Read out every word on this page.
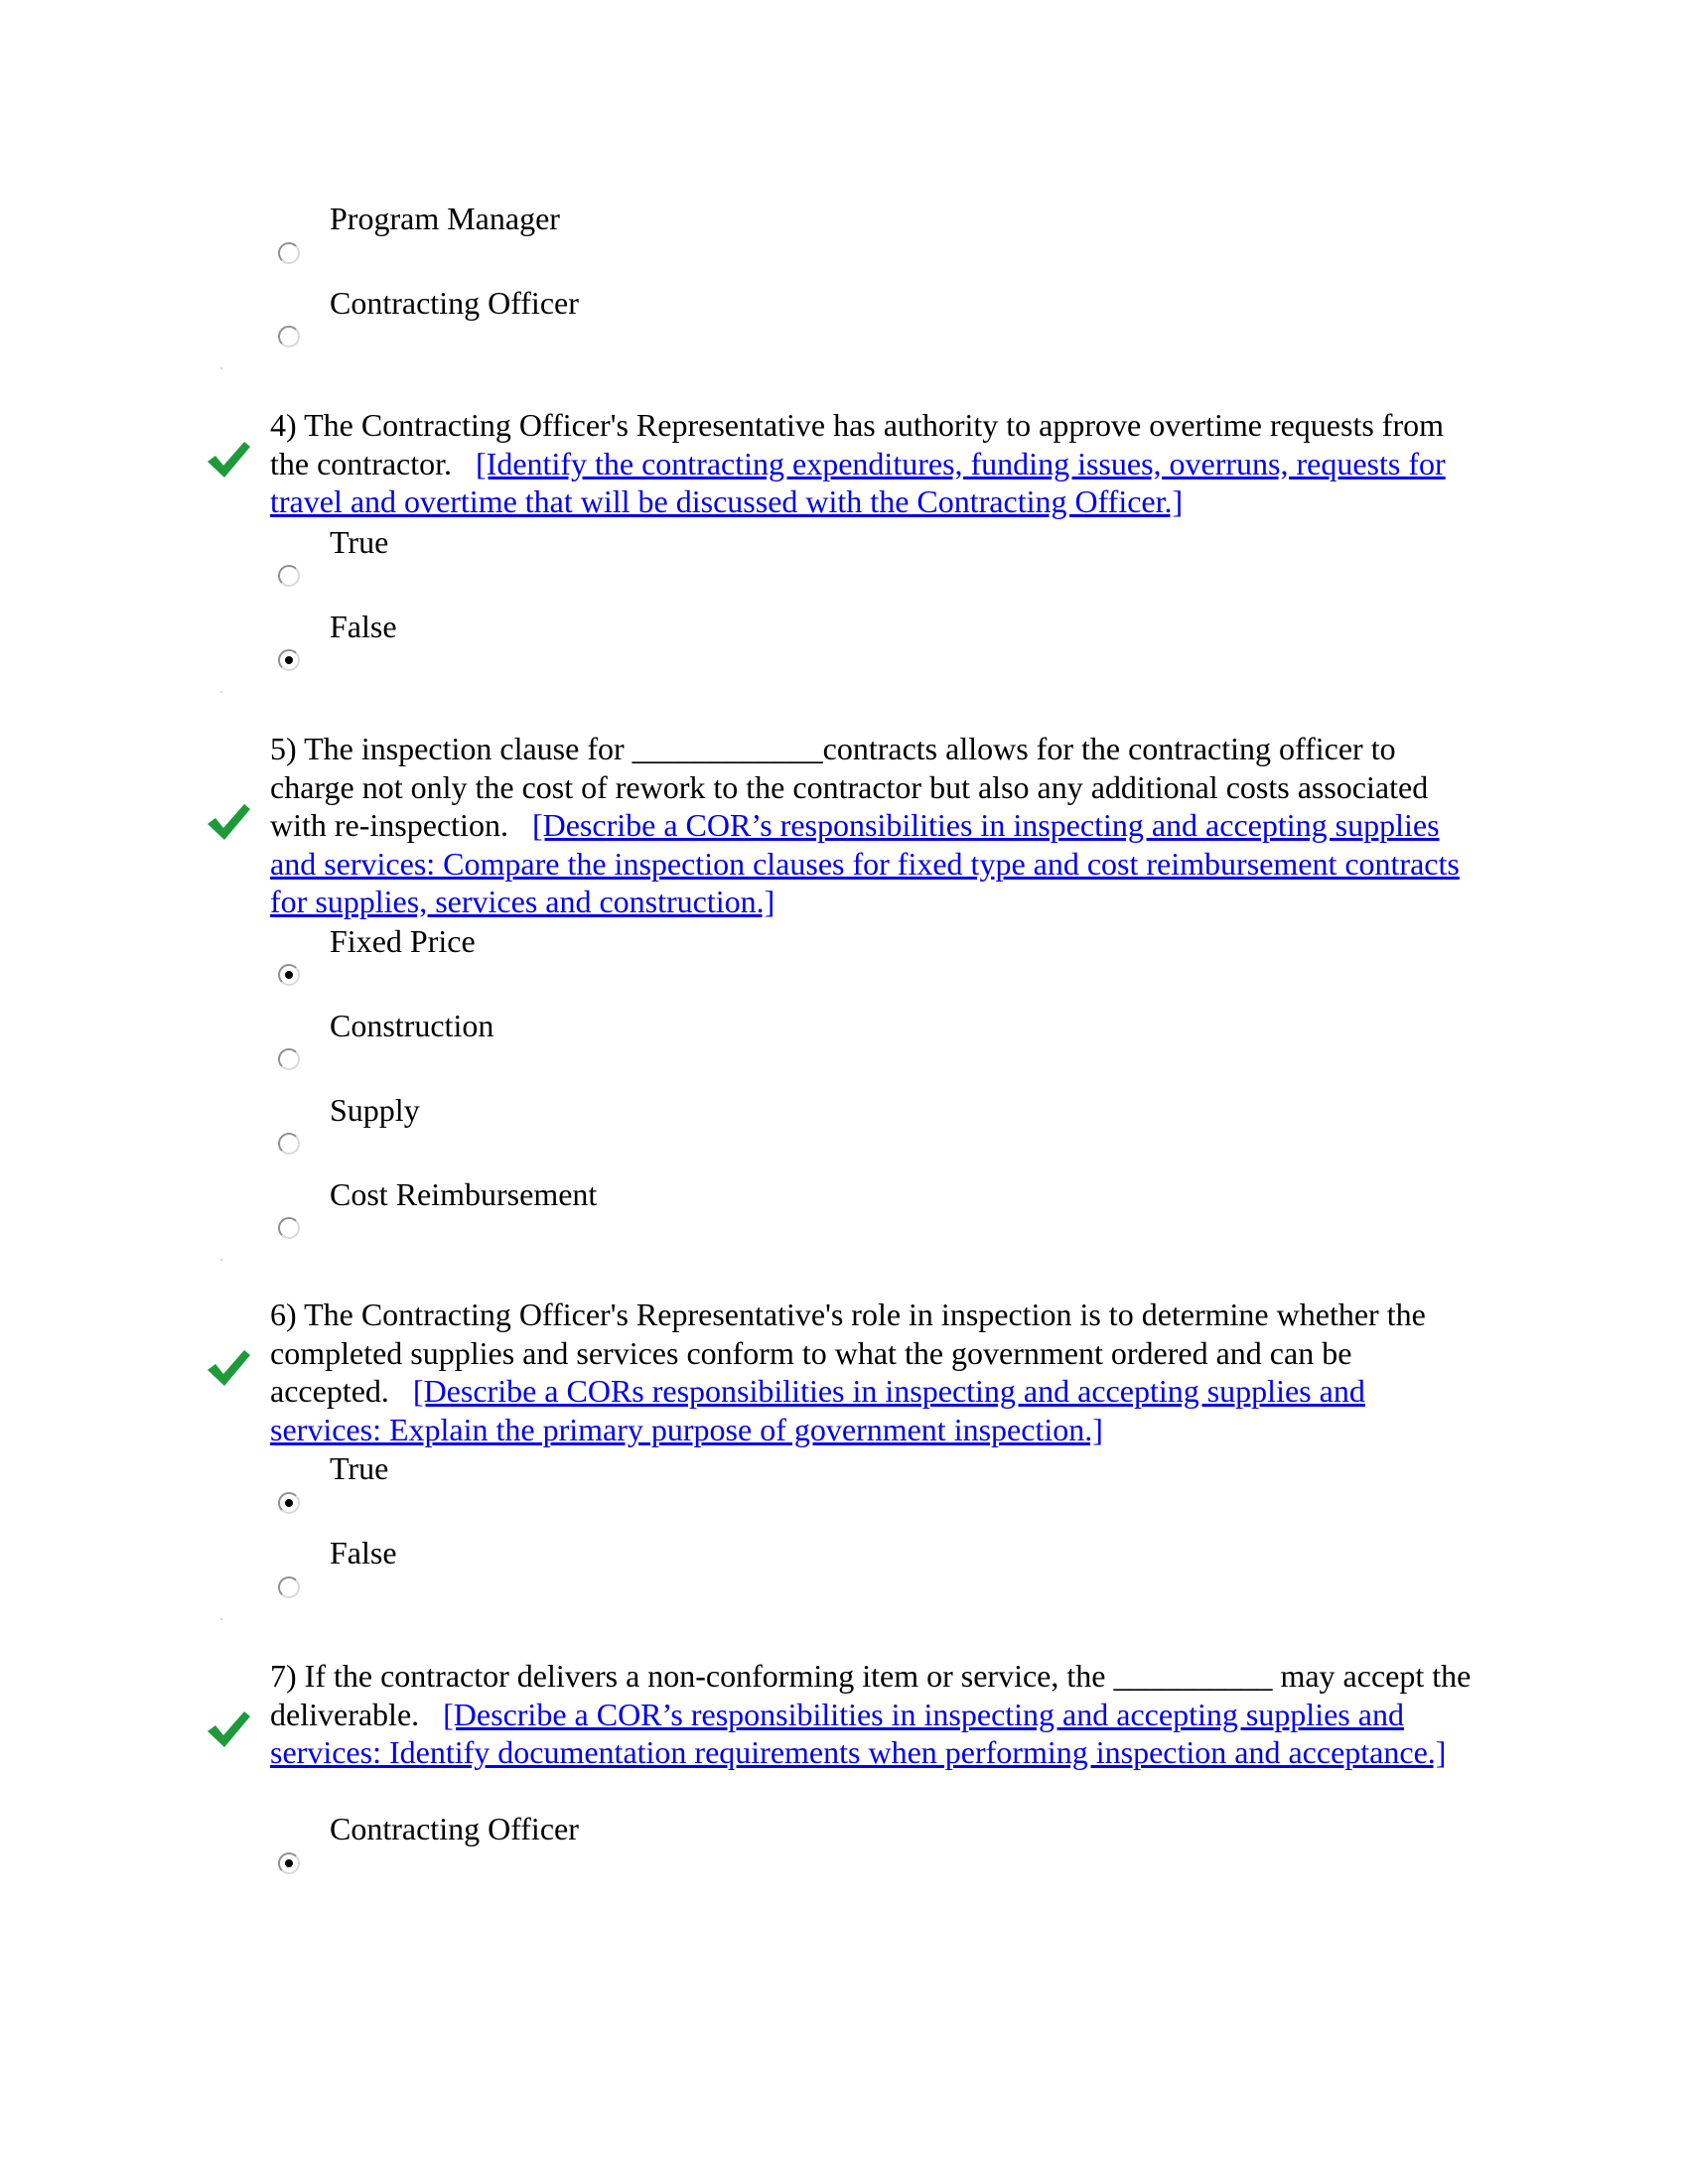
Program Manager
Contracting Officer
4) The Contracting Officer's Representative has authority to approve overtime requests from the contractor. [Identify the contracting expenditures, funding issues, overruns, requests for travel and overtime that will be discussed with the Contracting Officer.]
True
False
5) The inspection clause for ____________contracts allows for the contracting officer to charge not only the cost of rework to the contractor but also any additional costs associated with re-inspection. [Describe a COR’s responsibilities in inspecting and accepting supplies and services: Compare the inspection clauses for fixed type and cost reimbursement contracts for supplies, services and construction.]
Fixed Price
Construction
Supply
Cost Reimbursement
6) The Contracting Officer's Representative's role in inspection is to determine whether the completed supplies and services conform to what the government ordered and can be accepted. [Describe a CORs responsibilities in inspecting and accepting supplies and services: Explain the primary purpose of government inspection.]
True
False
7) If the contractor delivers a non-conforming item or service, the __________ may accept the deliverable. [Describe a COR’s responsibilities in inspecting and accepting supplies and services: Identify documentation requirements when performing inspection and acceptance.]
Contracting Officer
